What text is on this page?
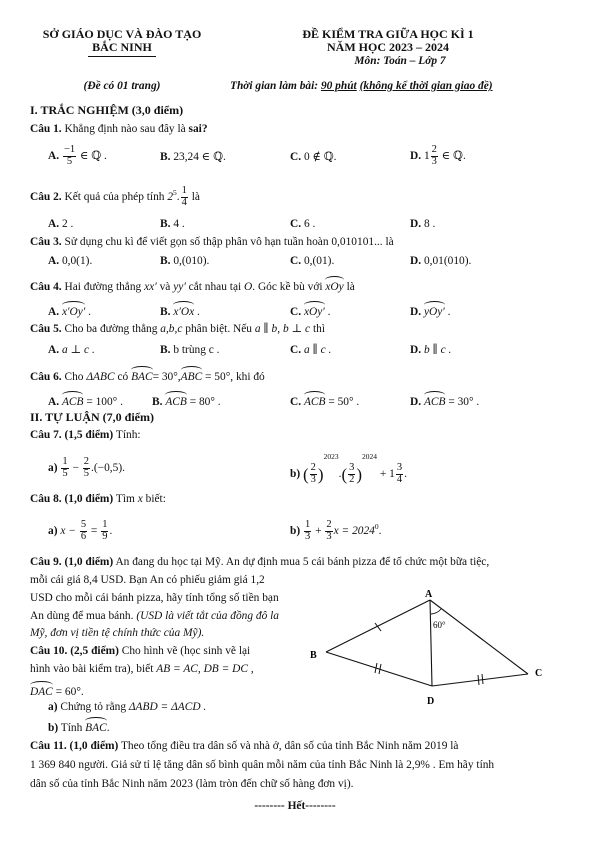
SỞ GIÁO DỤC VÀ ĐÀO TẠO
BẮC NINH
(Đề có 01 trang)
ĐỀ KIỂM TRA GIỮA HỌC KÌ 1
NĂM HỌC 2023 – 2024
Môn: Toán – Lớp 7
Thời gian làm bài: 90 phút (không kể thời gian giao đề)
I. TRẮC NGHIỆM (3,0 điểm)
Câu 1. Khẳng định nào sau đây là sai?
A. $\frac{-1}{5}$ ∈ ℚ .	B. 23,24 ∈ ℚ.	C. 0 ∉ ℚ.	D. $1 \frac{2}{3}$ ∈ ℚ.
Câu 2. Kết quả của phép tính $2^5$. $\frac{1}{4}$ là
A. 2 .	B. 4 .	C. 6 .	D. 8 .
Câu 3. Sử dụng chu kì để viết gọn số thập phân vô hạn tuần hoàn 0,010101... là
A. 0,0(1).	B. 0,(010).	C. 0,(01).	D. 0,01(010).
Câu 4. Hai đường thẳng xx′ và yy′ cắt nhau tại O. Góc kề bù với xOy là
A. x′Oy′ .	B. x′Ox .	C. xOy′ .	D. yOy′ .
Câu 5. Cho ba đường thẳng a,b,c phân biệt. Nếu a ∥ b, b ⊥ c thì
A. a ⊥ c .	B. b trùng c .	C. a ∥ c .	D. b ∥ c .
Câu 6. Cho ΔABC có BAC= 30°,ABC = 50°, khi đó
A. ACB = 100° .	B. ACB = 80° .	C. ACB = 50° .	D. ACB = 30° .
II. TỰ LUẬN (7,0 điểm)
Câu 7. (1,5 điểm) Tính:
$a) \frac{1}{5} - \frac{2}{5} .(-0,5)$.
b) ( $\frac{2}{3} )^{2023}.( \frac{3}{2} )^{2024} + 1 \frac{3}{4}$ .
Câu 8. (1,0 điểm) Tìm x biết:
a) $x - \frac{5}{6} = \frac{1}{9}$ .	$b) \frac{1}{3} + \frac{2}{3}$ $x = 2024^0$.
Câu 9. (1,0 điểm) An đang du học tại Mỹ. An dự định mua 5 cái bánh pizza để tổ chức một bữa tiệc,
mỗi cái giá 8,4 USD. Bạn An có phiếu giảm giá 1,2
USD cho mỗi cái bánh pizza, hãy tính tổng số tiền bạn
An dùng để mua bánh. (USD là viết tắt của đồng đô la
Mỹ, đơn vị tiền tệ chính thức của Mỹ).
Câu 10. (2,5 điểm) Cho hình vẽ (học sinh vẽ lại
hình vào bài kiểm tra), biết AB = AC, DB = DC ,
DAC = 60°.
a) Chứng tỏ rằng ΔABD = ΔACD .
b) Tính BAC.
A
B
C
D
60°
Câu 11. (1,0 điểm) Theo tổng điều tra dân số và nhà ở, dân số của tỉnh Bắc Ninh năm 2019 là
1 369 840 người. Giả sử tỉ lệ tăng dân số bình quân mỗi năm của tỉnh Bắc Ninh là 2,9% . Em hãy tính
dân số của tỉnh Bắc Ninh năm 2023 (làm tròn đến chữ số hàng đơn vị).
-------- Hết--------
